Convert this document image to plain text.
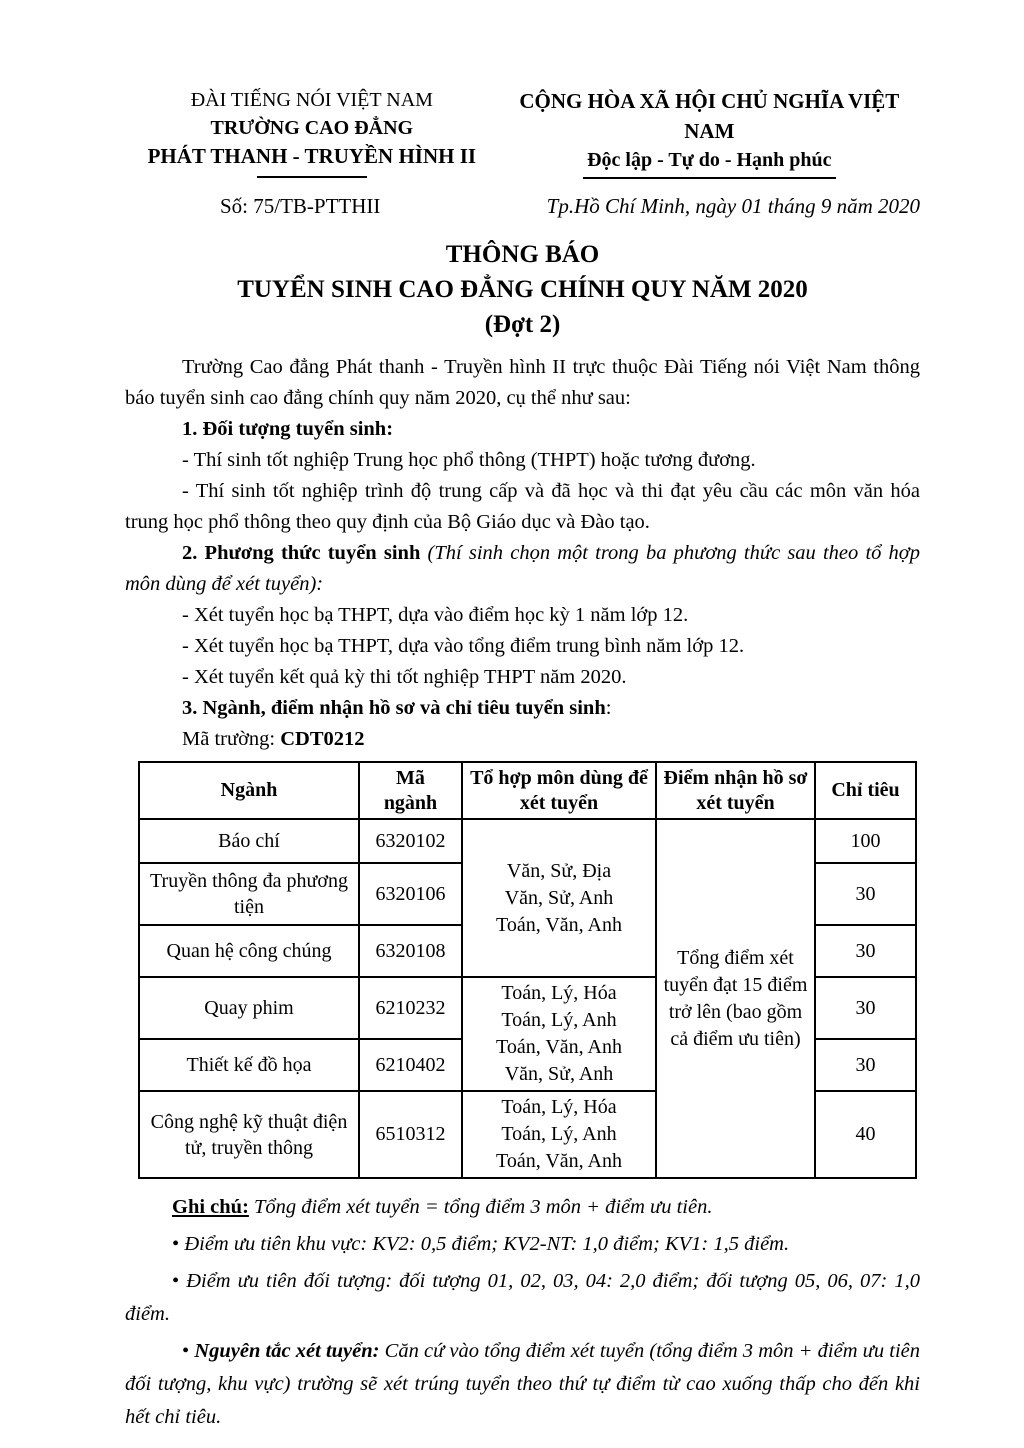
ĐÀI TIẾNG NÓI VIỆT NAM
TRƯỜNG CAO ĐẲNG
PHÁT THANH - TRUYỀN HÌNH II
CỘNG HÒA XÃ HỘI CHỦ NGHĨA VIỆT NAM
Độc lập - Tự do - Hạnh phúc
Số: 75/TB-PTTHII	Tp.Hồ Chí Minh, ngày 01 tháng 9 năm 2020
THÔNG BÁO
TUYỂN SINH CAO ĐẲNG CHÍNH QUY NĂM 2020
(Đợt 2)

Trường Cao đẳng Phát thanh - Truyền hình II trực thuộc Đài Tiếng nói Việt Nam thông báo tuyển sinh cao đẳng chính quy năm 2020, cụ thể như sau:

1. Đối tượng tuyển sinh:

- Thí sinh tốt nghiệp Trung học phổ thông (THPT) hoặc tương đương.

- Thí sinh tốt nghiệp trình độ trung cấp và đã học và thi đạt yêu cầu các môn văn hóa trung học phổ thông theo quy định của Bộ Giáo dục và Đào tạo.

2. Phương thức tuyển sinh (Thí sinh chọn một trong ba phương thức sau theo tổ hợp môn dùng để xét tuyển):

- Xét tuyển học bạ THPT, dựa vào điểm học kỳ 1 năm lớp 12.

- Xét tuyển học bạ THPT, dựa vào tổng điểm trung bình năm lớp 12.

- Xét tuyển kết quả kỳ thi tốt nghiệp THPT năm 2020.

3. Ngành, điểm nhận hồ sơ và chỉ tiêu tuyển sinh:

Mã trường: CDT0212

Ngành	Mã ngành	Tổ hợp môn dùng để xét tuyển	Điểm nhận hồ sơ xét tuyển	Chỉ tiêu
Báo chí	6320102	Văn, Sử, Địa
Văn, Sử, Anh
Toán, Văn, Anh	Tổng điểm xét tuyển đạt 15 điểm trở lên (bao gồm cả điểm ưu tiên)	100
Truyền thông đa phương tiện	6320106			30
Quan hệ công chúng	6320108			30
Quay phim	6210232	Toán, Lý, Hóa
Toán, Lý, Anh
Toán, Văn, Anh
Văn, Sử, Anh		30
Thiết kế đồ họa	6210402			30
Công nghệ kỹ thuật điện tử, truyền thông	6510312	Toán, Lý, Hóa
Toán, Lý, Anh
Toán, Văn, Anh		40

Ghi chú: Tổng điểm xét tuyển = tổng điểm 3 môn + điểm ưu tiên.

• Điểm ưu tiên khu vực: KV2: 0,5 điểm; KV2-NT: 1,0 điểm; KV1: 1,5 điểm.

• Điểm ưu tiên đối tượng: đối tượng 01, 02, 03, 04: 2,0 điểm; đối tượng 05, 06, 07: 1,0 điểm.

• Nguyên tắc xét tuyển: Căn cứ vào tổng điểm xét tuyển (tổng điểm 3 môn + điểm ưu tiên đối tượng, khu vực) trường sẽ xét trúng tuyển theo thứ tự điểm từ cao xuống thấp cho đến khi hết chỉ tiêu.
